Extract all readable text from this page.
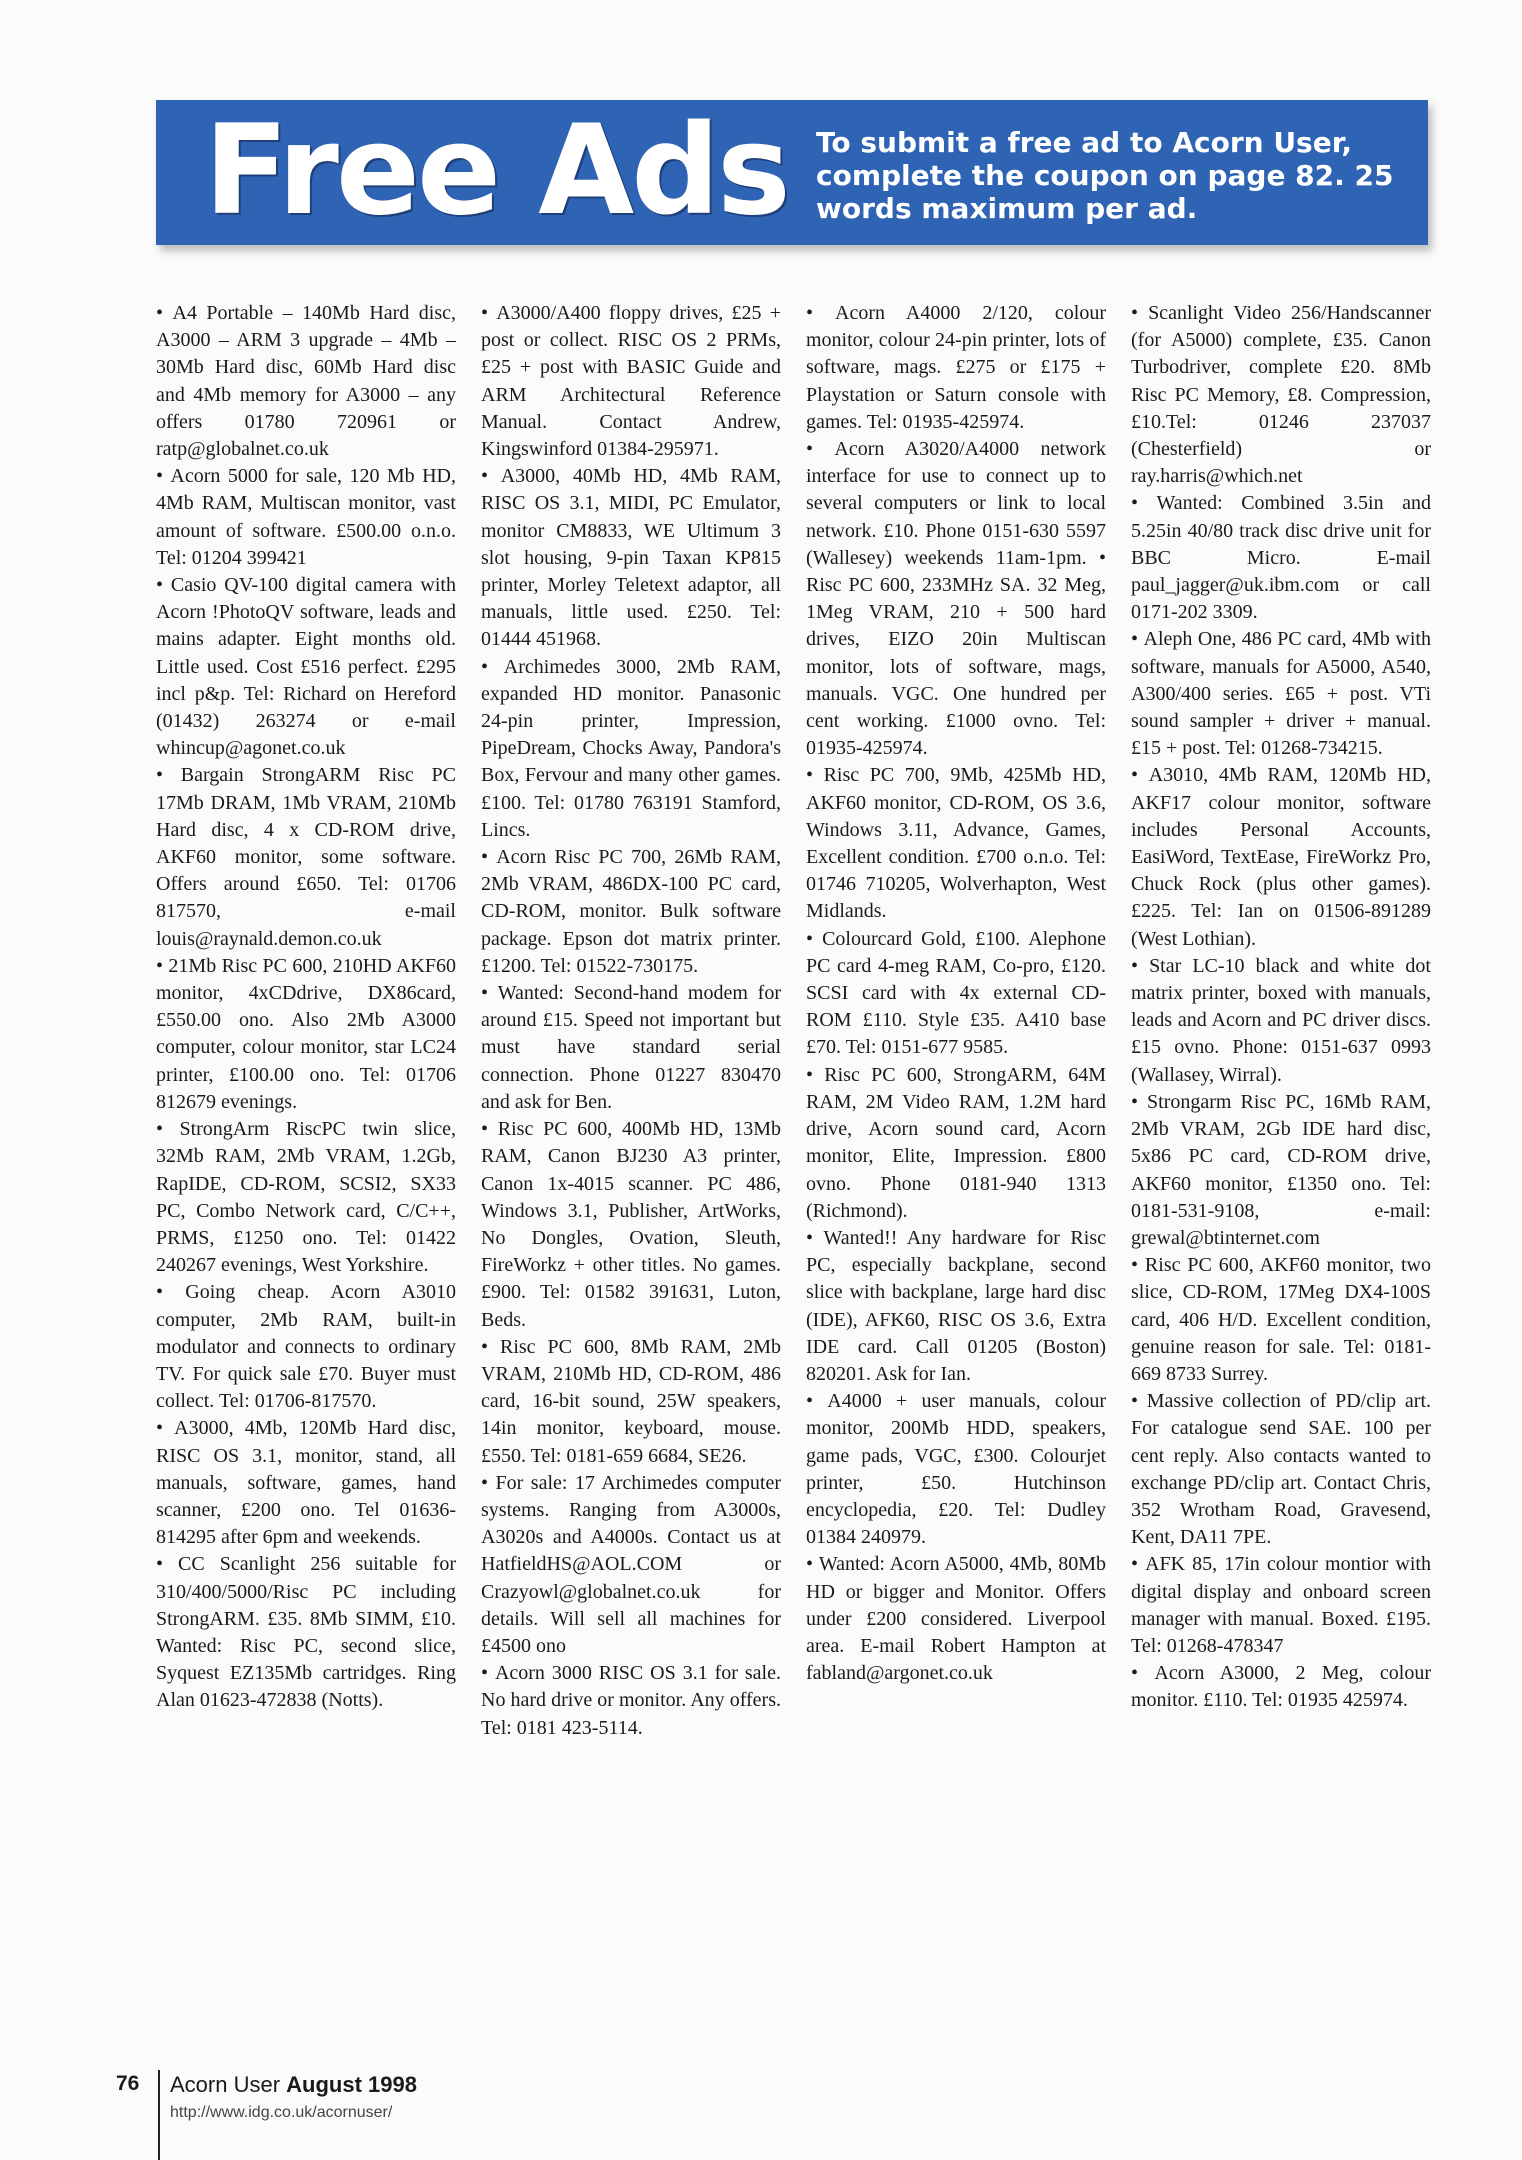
Free Ads To submit a free ad to Acorn User, complete the coupon on page 82. 25 words maximum per ad.

• A4 Portable – 140Mb Hard disc, A3000 – ARM 3 upgrade – 4Mb – 30Mb Hard disc, 60Mb Hard disc and 4Mb memory for A3000 – any offers 01780 720961 or ratp@globalnet.co.uk

• Acorn 5000 for sale, 120 Mb HD, 4Mb RAM, Multiscan monitor, vast amount of software. £500.00 o.n.o. Tel: 01204 399421

• Casio QV-100 digital camera with Acorn !PhotoQV software, leads and mains adapter. Eight months old. Little used. Cost £516 perfect. £295 incl p&p. Tel: Richard on Hereford (01432) 263274 or e-mail whincup@agonet.co.uk

• Bargain StrongARM Risc PC 17Mb DRAM, 1Mb VRAM, 210Mb Hard disc, 4 x CD-ROM drive, AKF60 monitor, some software. Offers around £650. Tel: 01706 817570, e-mail louis@raynald.demon.co.uk

• 21Mb Risc PC 600, 210HD AKF60 monitor, 4xCDdrive, DX86card, £550.00 ono. Also 2Mb A3000 computer, colour monitor, star LC24 printer, £100.00 ono. Tel: 01706 812679 evenings.

• StrongArm RiscPC twin slice, 32Mb RAM, 2Mb VRAM, 1.2Gb, RapIDE, CD-ROM, SCSI2, SX33 PC, Combo Network card, C/C++, PRMS, £1250 ono. Tel: 01422 240267 evenings, West Yorkshire.

• Going cheap. Acorn A3010 computer, 2Mb RAM, built-in modulator and connects to ordinary TV. For quick sale £70. Buyer must collect. Tel: 01706-817570.

• A3000, 4Mb, 120Mb Hard disc, RISC OS 3.1, monitor, stand, all manuals, software, games, hand scanner, £200 ono. Tel 01636-814295 after 6pm and weekends.

• CC Scanlight 256 suitable for 310/400/5000/Risc PC including StrongARM. £35. 8Mb SIMM, £10. Wanted: Risc PC, second slice, Syquest EZ135Mb cartridges. Ring Alan 01623-472838 (Notts).

• A3000/A400 floppy drives, £25 + post or collect. RISC OS 2 PRMs, £25 + post with BASIC Guide and ARM Architectural Reference Manual. Contact Andrew, Kingswinford 01384-295971.

• A3000, 40Mb HD, 4Mb RAM, RISC OS 3.1, MIDI, PC Emulator, monitor CM8833, WE Ultimum 3 slot housing, 9-pin Taxan KP815 printer, Morley Teletext adaptor, all manuals, little used. £250. Tel: 01444 451968.

• Archimedes 3000, 2Mb RAM, expanded HD monitor. Panasonic 24-pin printer, Impression, PipeDream, Chocks Away, Pandora's Box, Fervour and many other games. £100. Tel: 01780 763191 Stamford, Lincs.

• Acorn Risc PC 700, 26Mb RAM, 2Mb VRAM, 486DX-100 PC card, CD-ROM, monitor. Bulk software package. Epson dot matrix printer. £1200. Tel: 01522-730175.

• Wanted: Second-hand modem for around £15. Speed not important but must have standard serial connection. Phone 01227 830470 and ask for Ben.

• Risc PC 600, 400Mb HD, 13Mb RAM, Canon BJ230 A3 printer, Canon 1x-4015 scanner. PC 486, Windows 3.1, Publisher, ArtWorks, No Dongles, Ovation, Sleuth, FireWorkz + other titles. No games. £900. Tel: 01582 391631, Luton, Beds.

• Risc PC 600, 8Mb RAM, 2Mb VRAM, 210Mb HD, CD-ROM, 486 card, 16-bit sound, 25W speakers, 14in monitor, keyboard, mouse. £550. Tel: 0181-659 6684, SE26.

• For sale: 17 Archimedes computer systems. Ranging from A3000s, A3020s and A4000s. Contact us at HatfieldHS@AOL.COM or Crazyowl@globalnet.co.uk for details. Will sell all machines for £4500 ono

• Acorn 3000 RISC OS 3.1 for sale. No hard drive or monitor. Any offers. Tel: 0181 423-5114.

• Acorn A4000 2/120, colour monitor, colour 24-pin printer, lots of software, mags. £275 or £175 + Playstation or Saturn console with games. Tel: 01935-425974.

• Acorn A3020/A4000 network interface for use to connect up to several computers or link to local network. £10. Phone 0151-630 5597 (Wallesey) weekends 11am-1pm. • Risc PC 600, 233MHz SA. 32 Meg, 1Meg VRAM, 210 + 500 hard drives, EIZO 20in Multiscan monitor, lots of software, mags, manuals. VGC. One hundred per cent working. £1000 ovno. Tel: 01935-425974.

• Risc PC 700, 9Mb, 425Mb HD, AKF60 monitor, CD-ROM, OS 3.6, Windows 3.11, Advance, Games, Excellent condition. £700 o.n.o. Tel: 01746 710205, Wolverhapton, West Midlands.

• Colourcard Gold, £100. Alephone PC card 4-meg RAM, Co-pro, £120. SCSI card with 4x external CD-ROM £110. Style £35. A410 base £70. Tel: 0151-677 9585.

• Risc PC 600, StrongARM, 64M RAM, 2M Video RAM, 1.2M hard drive, Acorn sound card, Acorn monitor, Elite, Impression. £800 ovno. Phone 0181-940 1313 (Richmond).

• Wanted!! Any hardware for Risc PC, especially backplane, second slice with backplane, large hard disc (IDE), AFK60, RISC OS 3.6, Extra IDE card. Call 01205 (Boston) 820201. Ask for Ian.

• A4000 + user manuals, colour monitor, 200Mb HDD, speakers, game pads, VGC, £300. Colourjet printer, £50. Hutchinson encyclopedia, £20. Tel: Dudley 01384 240979.

• Wanted: Acorn A5000, 4Mb, 80Mb HD or bigger and Monitor. Offers under £200 considered. Liverpool area. E-mail Robert Hampton at fabland@argonet.co.uk

• Scanlight Video 256/Handscanner (for A5000) complete, £35. Canon Turbodriver, complete £20. 8Mb Risc PC Memory, £8. Compression, £10.Tel: 01246 237037 (Chesterfield) or ray.harris@which.net

• Wanted: Combined 3.5in and 5.25in 40/80 track disc drive unit for BBC Micro. E-mail paul_jagger@uk.ibm.com or call 0171-202 3309.

• Aleph One, 486 PC card, 4Mb with software, manuals for A5000, A540, A300/400 series. £65 + post. VTi sound sampler + driver + manual. £15 + post. Tel: 01268-734215.

• A3010, 4Mb RAM, 120Mb HD, AKF17 colour monitor, software includes Personal Accounts, EasiWord, TextEase, FireWorkz Pro, Chuck Rock (plus other games). £225. Tel: Ian on 01506-891289 (West Lothian).

• Star LC-10 black and white dot matrix printer, boxed with manuals, leads and Acorn and PC driver discs. £15 ovno. Phone: 0151-637 0993 (Wallasey, Wirral).

• Strongarm Risc PC, 16Mb RAM, 2Mb VRAM, 2Gb IDE hard disc, 5x86 PC card, CD-ROM drive, AKF60 monitor, £1350 ono. Tel: 0181-531-9108, e-mail: grewal@btinternet.com

• Risc PC 600, AKF60 monitor, two slice, CD-ROM, 17Meg DX4-100S card, 406 H/D. Excellent condition, genuine reason for sale. Tel: 0181-669 8733 Surrey.

• Massive collection of PD/clip art. For catalogue send SAE. 100 per cent reply. Also contacts wanted to exchange PD/clip art. Contact Chris, 352 Wrotham Road, Gravesend, Kent, DA11 7PE.

• AFK 85, 17in colour montior with digital display and onboard screen manager with manual. Boxed. £195. Tel: 01268-478347

• Acorn A3000, 2 Meg, colour monitor. £110. Tel: 01935 425974.

76 Acorn User August 1998
http://www.idg.co.uk/acornuser/
